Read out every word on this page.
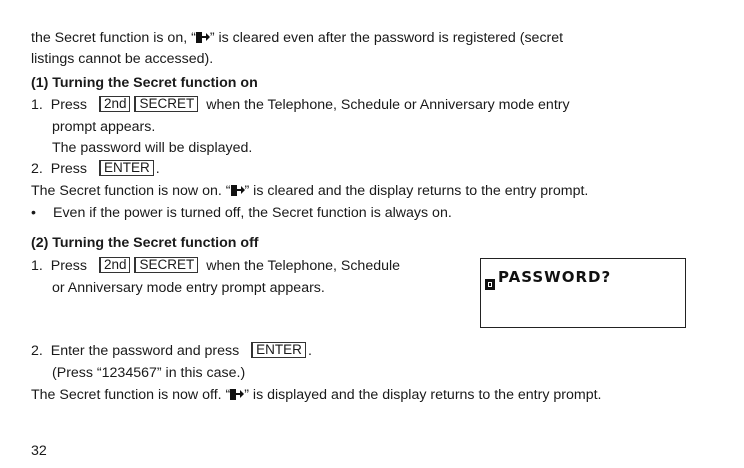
the Secret function is on, “ ” is cleared even after the password is registered (secret
listings cannot be accessed).
(1) Turning the Secret function on
1. Press 2nd SECRET when the Telephone, Schedule or Anniversary mode entry
prompt appears.
The password will be displayed.
2. Press ENTER .
The Secret function is now on. “ ” is cleared and the display returns to the entry prompt.
• Even if the power is turned off, the Secret function is always on.
(2) Turning the Secret function off
1. Press 2nd SECRET when the Telephone, Schedule
or Anniversary mode entry prompt appears.
PASSWORD?
2. Enter the password and press ENTER .
(Press “1234567” in this case.)
The Secret function is now off. “ ” is displayed and the display returns to the entry prompt.
32
